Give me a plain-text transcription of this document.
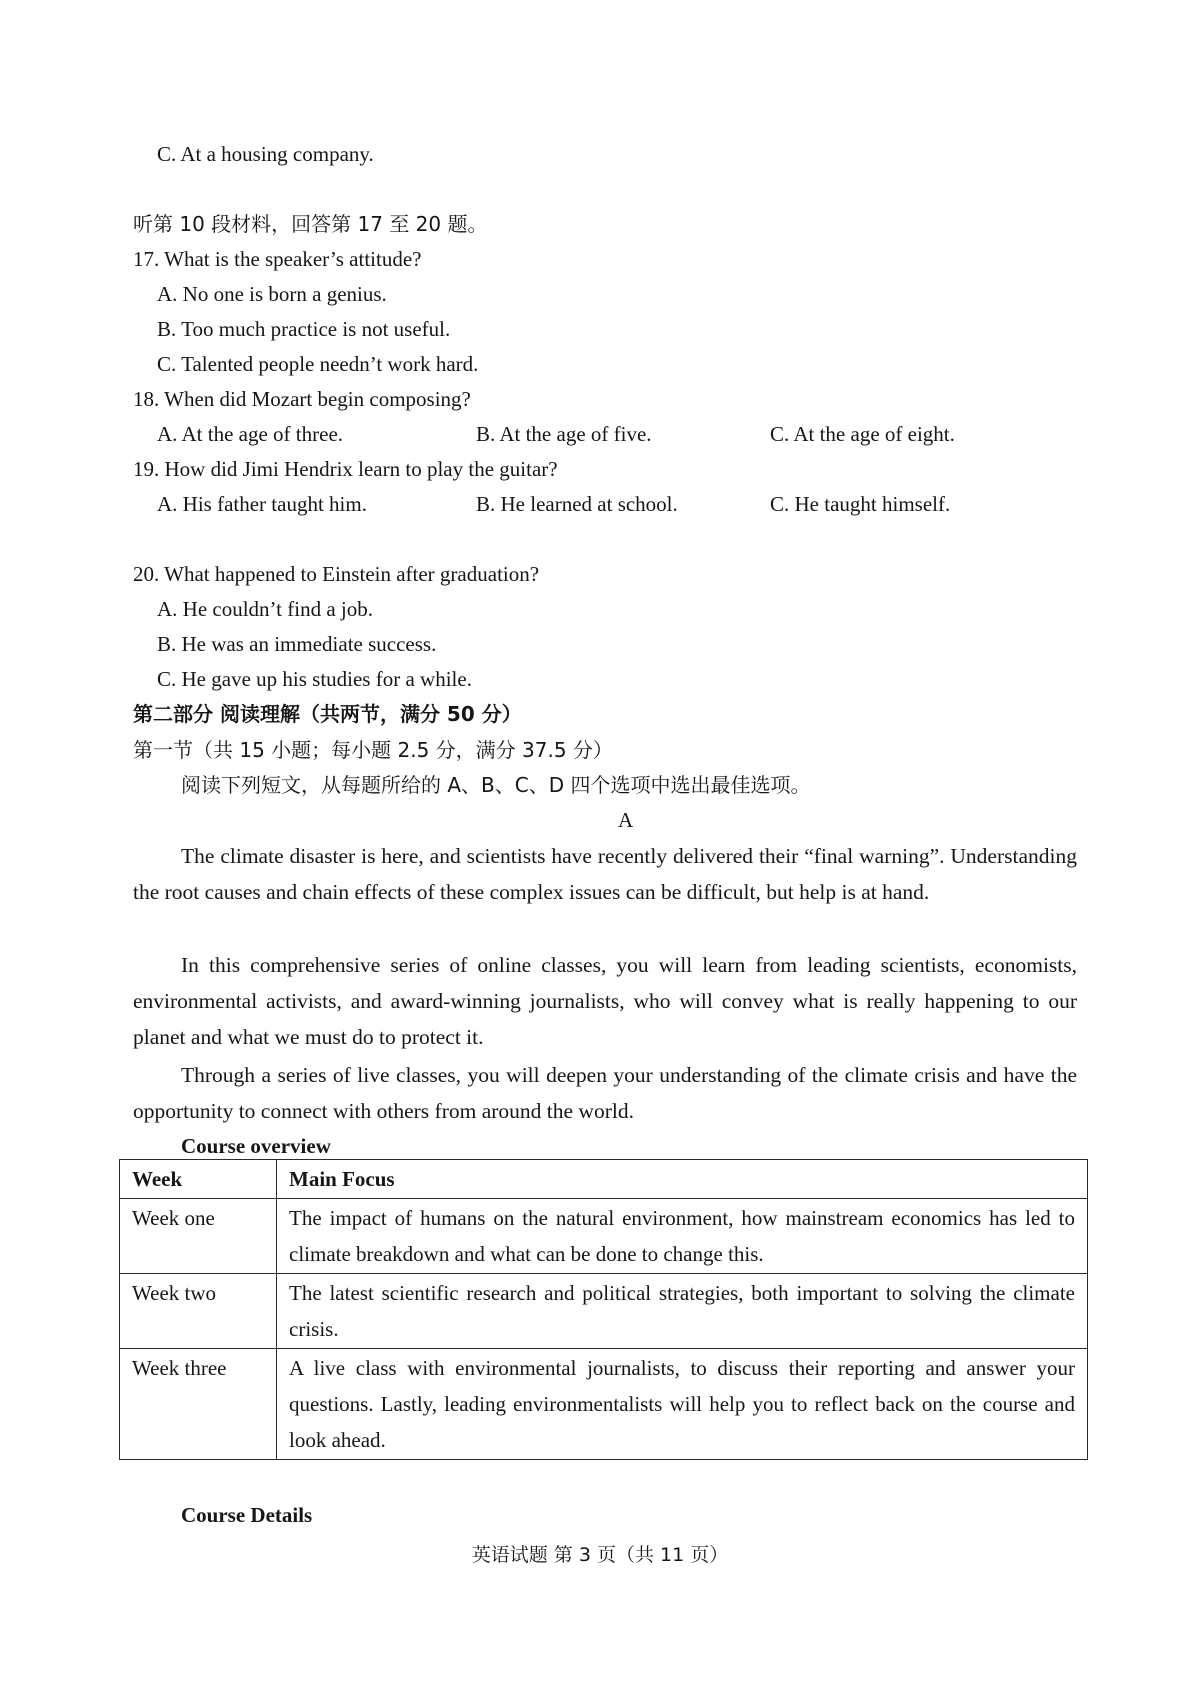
C. At a housing company.
听第 10 段材料，回答第 17 至 20 题。
17. What is the speaker’s attitude?
A. No one is born a genius.
B. Too much practice is not useful.
C. Talented people needn’t work hard.
18. When did Mozart begin composing?
A. At the age of three.	B. At the age of five.	C. At the age of eight.
19. How did Jimi Hendrix learn to play the guitar?
A. His father taught him.	B. He learned at school.	C. He taught himself.
20. What happened to Einstein after graduation?
A. He couldn’t find a job.
B. He was an immediate success.
C. He gave up his studies for a while.
第二部分 阅读理解（共两节，满分 50 分）
第一节（共 15 小题；每小题 2.5 分，满分 37.5 分）
阅读下列短文，从每题所给的 A、B、C、D 四个选项中选出最佳选项。
A
The climate disaster is here, and scientists have recently delivered their “final warning”. Understanding the root causes and chain effects of these complex issues can be difficult, but help is at hand.
In this comprehensive series of online classes, you will learn from leading scientists, economists, environmental activists, and award-winning journalists, who will convey what is really happening to our planet and what we must do to protect it.
Through a series of live classes, you will deepen your understanding of the climate crisis and have the opportunity to connect with others from around the world.
Course overview
Week	Main Focus
Week one	The impact of humans on the natural environment, how mainstream economics has led to climate breakdown and what can be done to change this.
Week two	The latest scientific research and political strategies, both important to solving the climate crisis.
Week three	A live class with environmental journalists, to discuss their reporting and answer your questions. Lastly, leading environmentalists will help you to reflect back on the course and look ahead.
Course Details
英语试题 第 3 页（共 11 页）
